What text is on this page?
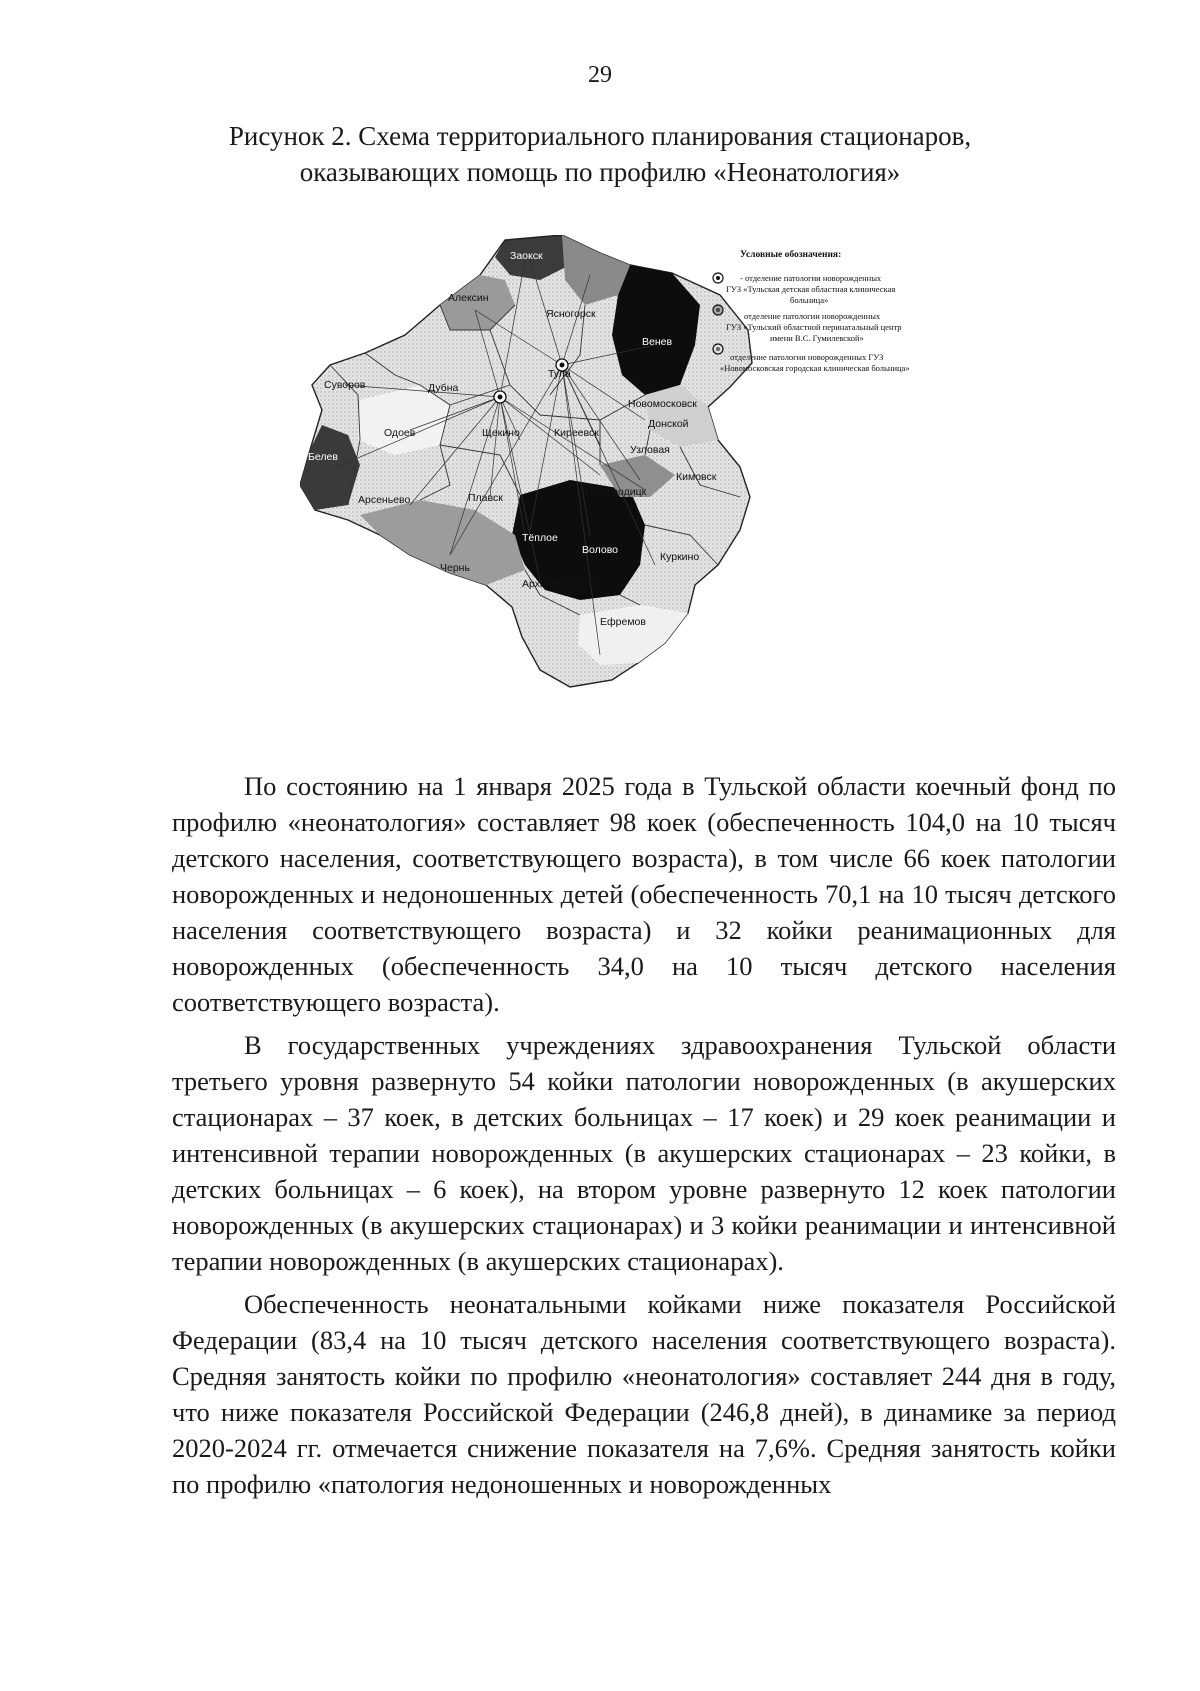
29
Рисунок 2. Схема территориального планирования стационаров,
оказывающих помощь по профилю «Неонатология»
Заокск
Алексин
Ясногорск
Венев
Тула
Суворов	Дубна
Новомосковск
Донской
Одоев	Щекино	Киреевск
Узловая
Белев
Кимовск
Арсеньево	Плавск	Богородицк
Тёплое
Волово
Куркино
Чернь
Архангельского
Ефремов
Условные обозначения:
- отделение патологии новорожденных
ГУЗ «Тульская детская областная клиническая
больница»
отделение патологии новорожденных
ГУЗ «Тульский областной перинатальный центр
имени В.С. Гумилевской»
отделение патологии новорожденных ГУЗ
«Новомосковская городская клиническая больница»

По состоянию на 1 января 2025 года в Тульской области коечный фонд по профилю «неонатология» составляет 98 коек (обеспеченность 104,0 на 10 тысяч детского населения, соответствующего возраста), в том числе 66 коек патологии новорожденных и недоношенных детей (обеспеченность 70,1 на 10 тысяч детского населения соответствующего возраста) и 32 койки реанимационных для новорожденных (обеспеченность 34,0 на 10 тысяч детского населения соответствующего возраста).

В государственных учреждениях здравоохранения Тульской области третьего уровня развернуто 54 койки патологии новорожденных (в акушерских стационарах – 37 коек, в детских больницах – 17 коек) и 29 коек реанимации и интенсивной терапии новорожденных (в акушерских стационарах – 23 койки, в детских больницах – 6 коек), на втором уровне развернуто 12 коек патологии новорожденных (в акушерских стационарах) и 3 койки реанимации и интенсивной терапии новорожденных (в акушерских стационарах).

Обеспеченность неонатальными койками ниже показателя Российской Федерации (83,4 на 10 тысяч детского населения соответствующего возраста). Средняя занятость койки по профилю «неонатология» составляет 244 дня в году, что ниже показателя Российской Федерации (246,8 дней), в динамике за период 2020-2024 гг. отмечается снижение показателя на 7,6%. Средняя занятость койки по профилю «патология недоношенных и новорожденных
